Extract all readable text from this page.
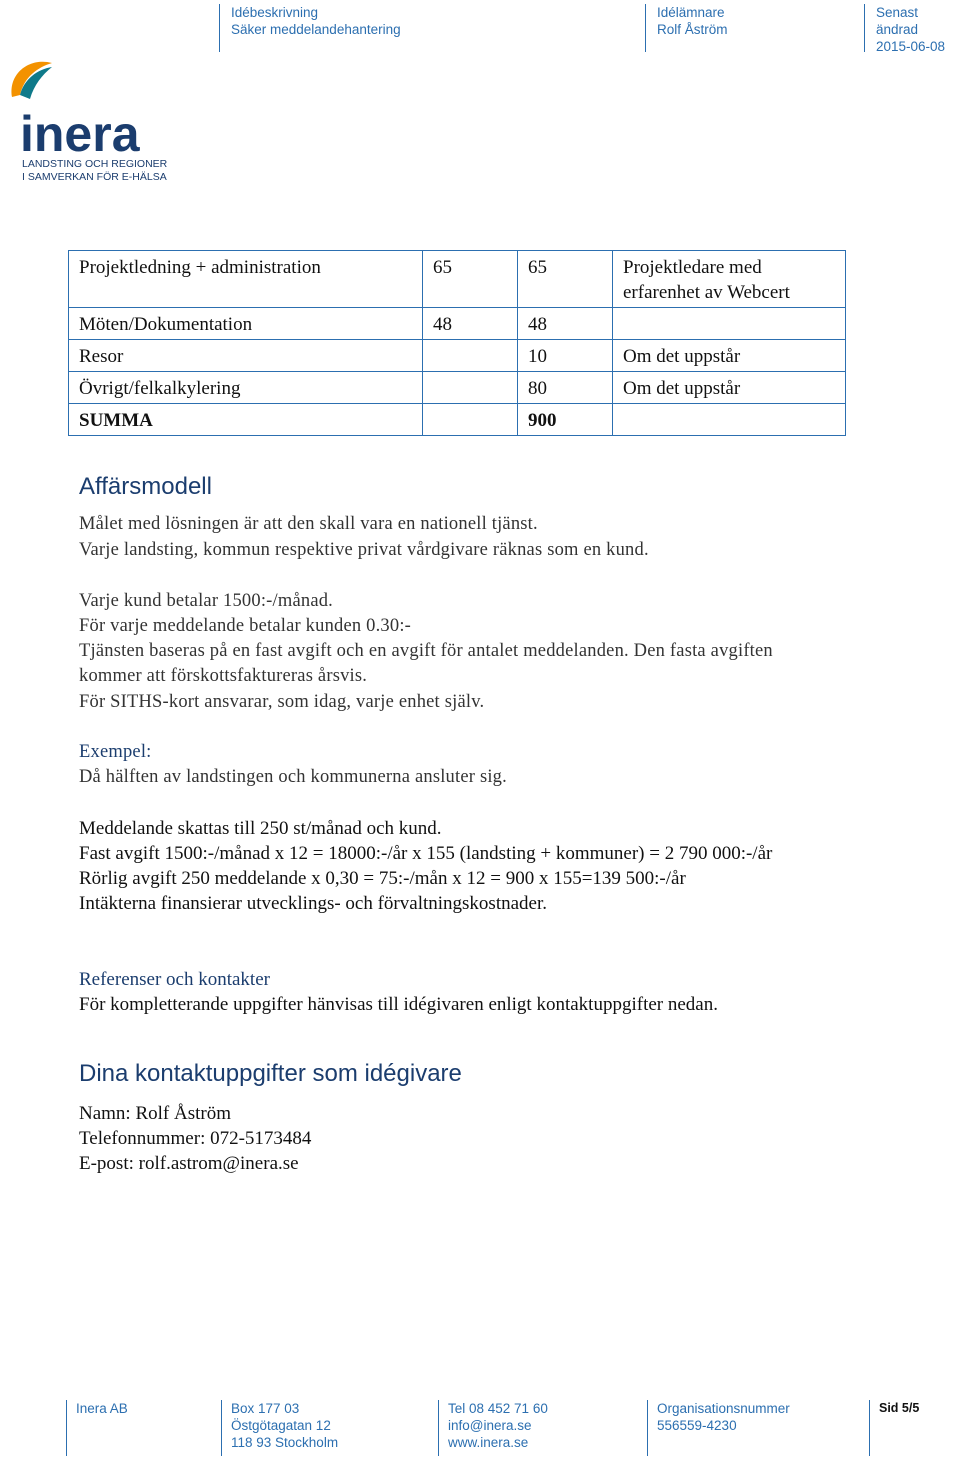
Idébeskrivning
Säker meddelandehantering
Idélämnare
Rolf Åström
Senast ändrad
2015-06-08
inera
LANDSTING OCH REGIONER
I SAMVERKAN FÖR E-HÄLSA
Projektledning + administration	65	65	Projektledare med
erfarenhet av Webcert

Möten/Dokumentation	48	48	
Resor		10	Om det uppstår
Övrigt/felkalkylering		80	Om det uppstår
SUMMA		900	
Affärsmodell
Målet med lösningen är att den skall vara en nationell tjänst.
Varje landsting, kommun respektive privat vårdgivare räknas som en kund.
Varje kund betalar 1500:-/månad.
För varje meddelande betalar kunden 0.30:-
Tjänsten baseras på en fast avgift och en avgift för antalet meddelanden. Den fasta avgiften
kommer att förskottsfaktureras årsvis.
För SITHS-kort ansvarar, som idag, varje enhet själv.
Exempel:
Då hälften av landstingen och kommunerna ansluter sig.
Meddelande skattas till 250 st/månad och kund.
Fast avgift 1500:-/månad x 12 = 18000:-/år x 155 (landsting + kommuner) = 2 790 000:-/år
Rörlig avgift 250 meddelande x 0,30 = 75:-/mån x 12 = 900 x 155=139 500:-/år
Intäkterna finansierar utvecklings- och förvaltningskostnader.
Referenser och kontakter
För kompletterande uppgifter hänvisas till idégivaren enligt kontaktuppgifter nedan.
Dina kontaktuppgifter som idégivare
Namn: Rolf Åström
Telefonnummer: 072-5173484
E-post: rolf.astrom@inera.se
Inera AB	Box 177 03
Östgötagatan 12
118 93 Stockholm
Tel 08 452 71 60
info@inera.se
www.inera.se
Organisationsnummer
556559-4230
Sid 5/5
